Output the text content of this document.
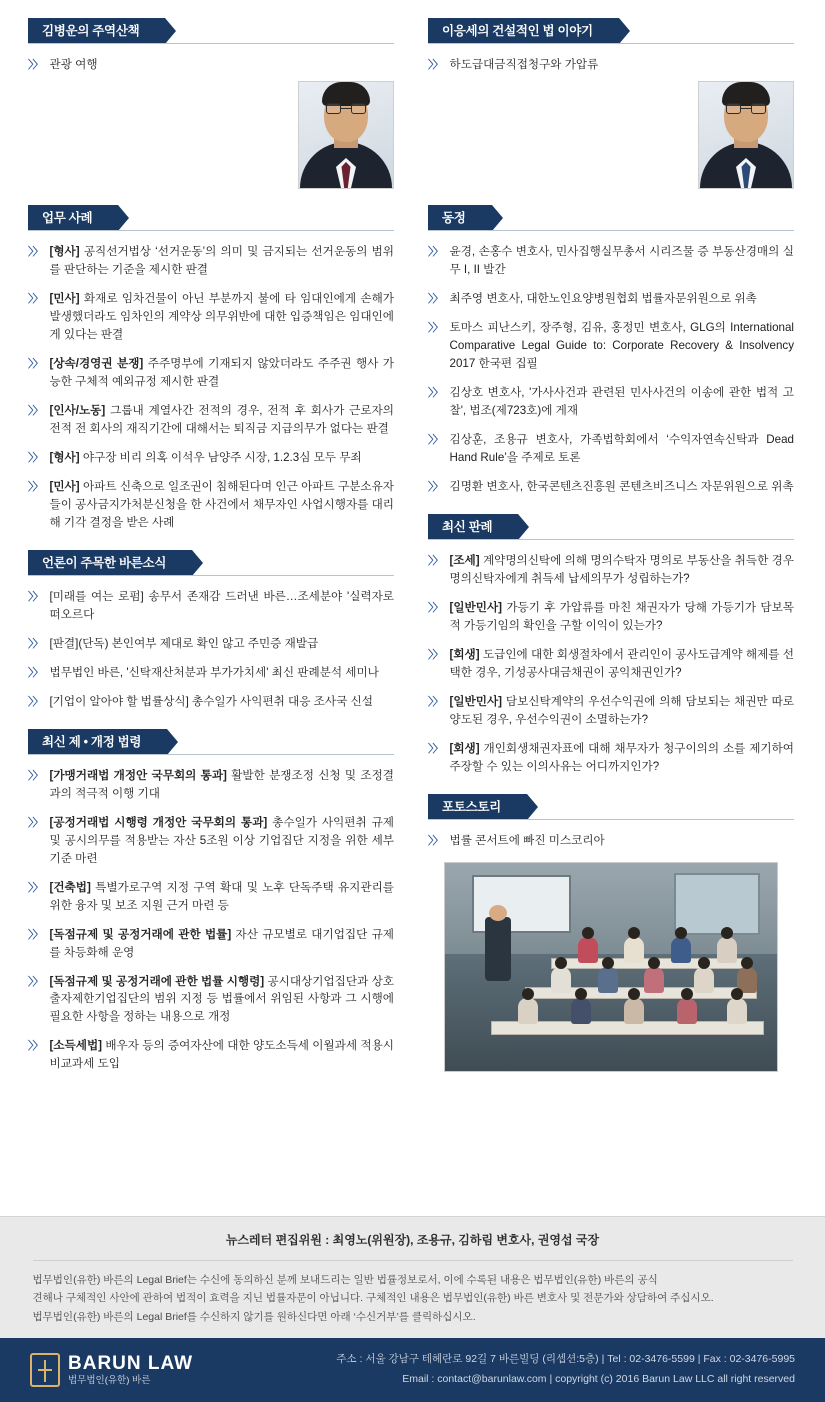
김병운의 주역산책
〉〉 관광 여행
업무 사례
〉〉 [형사] 공직선거법상 ‘선거운동’의 의미 및 금지되는 선거운동의 범위를 판단하는 기준을 제시한 판결
〉〉 [민사] 화재로 임차건물이 아닌 부분까지 불에 타 임대인에게 손해가 발생했더라도 임차인의 계약상 의무위반에 대한 입증책임은 임대인에게 있다는 판결
〉〉 [상속/경영권 분쟁] 주주명부에 기재되지 않았더라도 주주권 행사 가능한 구체적 예외규정 제시한 판결
〉〉 [인사/노동] 그룹내 계열사간 전적의 경우, 전적 후 회사가 근로자의 전적 전 회사의 재직기간에 대해서는 퇴직금 지급의무가 없다는 판결
〉〉 [형사] 야구장 비리 의혹 이석우 남양주 시장, 1.2.3심 모두 무죄
〉〉 [민사] 아파트 신축으로 일조권이 침해된다며 인근 아파트 구분소유자들이 공사금지가처분신청을 한 사건에서 채무자인 사업시행자를 대리해 기각 결정을 받은 사례
언론이 주목한 바른소식
〉〉 [미래를 여는 로펌] 송무서 존재감 드러낸 바른…조세분야 '실력자로 떠오르다
〉〉 [판결](단독) 본인여부 제대로 확인 않고 주민증 재발급
〉〉 법무법인 바른, '신탁재산처분과 부가가치세' 최신 판례분석 세미나
〉〉 [기업이 알아야 할 법률상식] 총수일가 사익편취 대응 조사국 신설
최신 제 • 개정 법령
〉〉 [가맹거래법 개정안 국무회의 통과] 활발한 분쟁조정 신청 및 조정결과의 적극적 이행 기대
〉〉 [공정거래법 시행령 개정안 국무회의 통과] 총수일가 사익편취 규제 및 공시의무를 적용받는 자산 5조원 이상 기업집단 지정을 위한 세부 기준 마련
〉〉 [건축법] 특별가로구역 지정 구역 확대 및 노후 단독주택 유지관리를 위한 융자 및 보조 지원 근거 마련 등
〉〉 [독점규제 및 공정거래에 관한 법률] 자산 규모별로 대기업집단 규제를 차등화해 운영
〉〉 [독점규제 및 공정거래에 관한 법률 시행령] 공시대상기업집단과 상호출자제한기업집단의 범위 지정 등 법률에서 위임된 사항과 그 시행에 필요한 사항을 정하는 내용으로 개정
〉〉 [소득세법] 배우자 등의 증여자산에 대한 양도소득세 이월과세 적용시 비교과세 도입
이응세의 건설적인 법 이야기
〉〉 하도급대금직접청구와 가압류
동정
〉〉 윤경, 손홍수 변호사, 민사집행실무총서 시리즈물 증 부동산경매의 실무 I, II 발간
〉〉 최주영 변호사, 대한노인요양병원협회 법률자문위원으로 위촉
〉〉 토마스 피난스키, 장주형, 김유, 홍정민 변호사, GLG의 International Comparative Legal Guide to: Corporate Recovery & Insolvency 2017 한국편 집필
〉〉 김상호 변호사, '가사사건과 관련된 민사사건의 이송에 관한 법적 고찰', 법조(제723호)에 게재
〉〉 김상훈, 조용규 변호사, 가족법학회에서 ‘수익자연속신탁과 Dead Hand Rule’을 주제로 토론
〉〉 김명환 변호사, 한국콘텐츠진흥원 콘텐츠비즈니스 자문위원으로 위촉
최신 판례
〉〉 [조세] 계약명의신탁에 의해 명의수탁자 명의로 부동산을 취득한 경우 명의신탁자에게 취득세 납세의무가 성립하는가?
〉〉 [일반민사] 가등기 후 가압류를 마친 채권자가 당해 가등기가 담보목적 가등기임의 확인을 구할 이익이 있는가?
〉〉 [회생] 도급인에 대한 회생절차에서 관리인이 공사도급계약 해제를 선택한 경우, 기성공사대금채권이 공익채권인가?
〉〉 [일반민사] 담보신탁계약의 우선수익권에 의해 담보되는 채권만 따로 양도된 경우, 우선수익권이 소멸하는가?
〉〉 [회생] 개인회생채권자표에 대해 채무자가 청구이의의 소를 제기하여 주장할 수 있는 이의사유는 어디까지인가?
포토스토리
〉〉 법률 콘서트에 빠진 미스코리아
뉴스레터 편집위원 : 최영노(위원장), 조용규, 김하림 변호사, 권영섭 국장
법무법인(유한) 바른의 Legal Brief는 수신에 동의하신 분께 보내드리는 일반 법률정보로서, 이에 수록된 내용은 법무법인(유한) 바른의 공식
견해나 구체적인 사안에 관하여 법적이 효력을 지닌 법률자문이 아닙니다. 구체적인 내용은 법무법인(유한) 바른 변호사 및 전문가와 상담하여 주십시오.
법무법인(유한) 바른의 Legal Brief를 수신하지 않기를 원하신다면 아래 ‘수신거부’를 클릭하십시오.
BARUN LAW
법무법인(유한) 바른
주소 : 서울 강남구 테헤란로 92길 7 바른빌딩 (리셉션:5층) | Tel : 02-3476-5599 | Fax : 02-3476-5995
Email : contact@barunlaw.com | copyright (c) 2016 Barun Law LLC all right reserved
